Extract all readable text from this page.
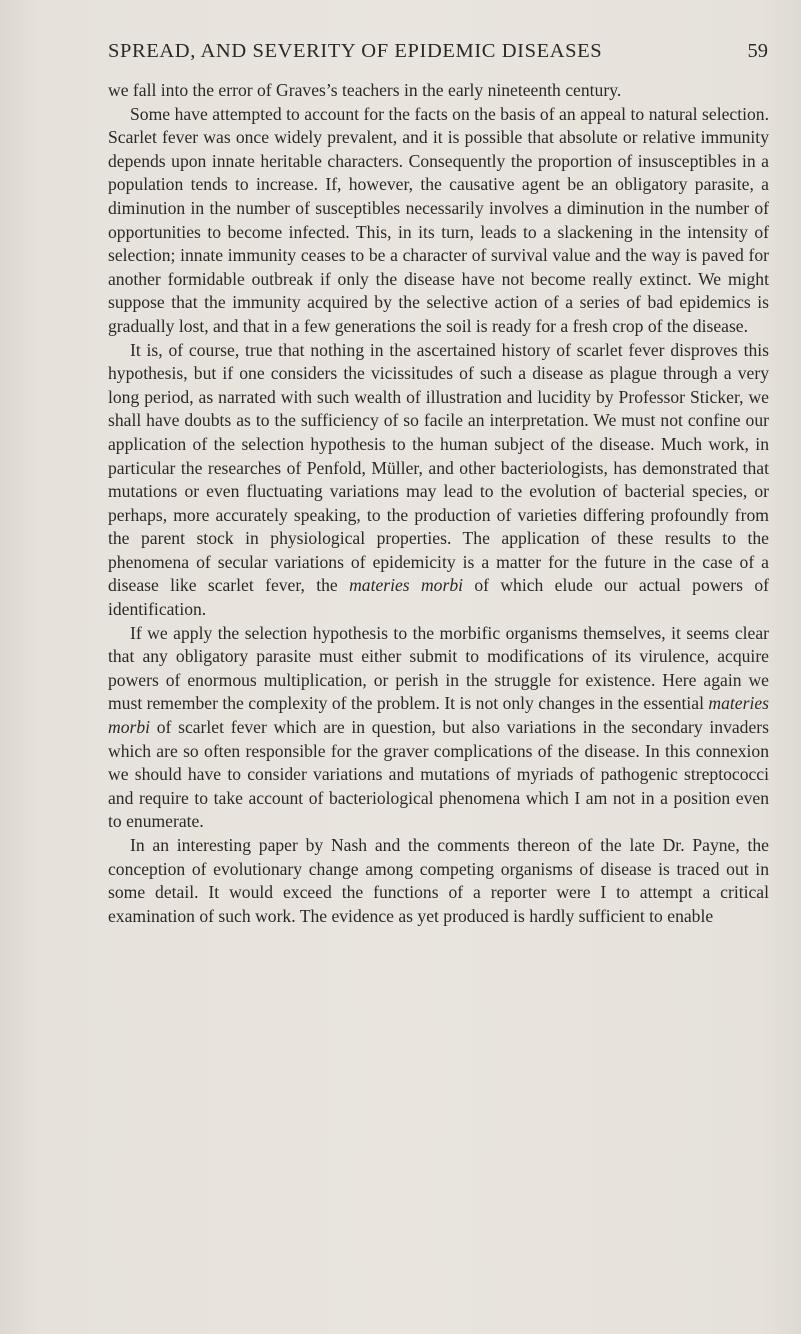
SPREAD, AND SEVERITY OF EPIDEMIC DISEASES	59

we fall into the error of Graves’s teachers in the early nineteenth century.

Some have attempted to account for the facts on the basis of an appeal to natural selection. Scarlet fever was once widely prevalent, and it is possible that absolute or relative immunity depends upon innate heritable characters. Consequently the proportion of insusceptibles in a population tends to increase. If, however, the causative agent be an obligatory parasite, a diminution in the number of susceptibles necessarily involves a diminution in the number of opportunities to become infected. This, in its turn, leads to a slackening in the intensity of selection; innate immunity ceases to be a character of survival value and the way is paved for another formidable outbreak if only the disease have not become really extinct. We might suppose that the immunity acquired by the selective action of a series of bad epidemics is gradually lost, and that in a few generations the soil is ready for a fresh crop of the disease.

It is, of course, true that nothing in the ascertained history of scarlet fever disproves this hypothesis, but if one considers the vicissitudes of such a disease as plague through a very long period, as narrated with such wealth of illustration and lucidity by Professor Sticker, we shall have doubts as to the sufficiency of so facile an interpretation. We must not confine our application of the selection hypothesis to the human subject of the disease. Much work, in particular the researches of Penfold, Müller, and other bacteriologists, has demonstrated that mutations or even fluctuating variations may lead to the evolution of bacterial species, or perhaps, more accurately speaking, to the production of varieties differing profoundly from the parent stock in physiological properties. The application of these results to the phenomena of secular variations of epidemicity is a matter for the future in the case of a disease like scarlet fever, the materies morbi of which elude our actual powers of identification.

If we apply the selection hypothesis to the morbific organisms themselves, it seems clear that any obligatory parasite must either submit to modifications of its virulence, acquire powers of enormous multiplication, or perish in the struggle for existence. Here again we must remember the complexity of the problem. It is not only changes in the essential materies morbi of scarlet fever which are in question, but also variations in the secondary invaders which are so often responsible for the graver complications of the disease. In this connexion we should have to consider variations and mutations of myriads of pathogenic streptococci and require to take account of bacteriological phenomena which I am not in a position even to enumerate.

In an interesting paper by Nash and the comments thereon of the late Dr. Payne, the conception of evolutionary change among competing organisms of disease is traced out in some detail. It would exceed the functions of a reporter were I to attempt a critical examination of such work. The evidence as yet produced is hardly sufficient to enable
